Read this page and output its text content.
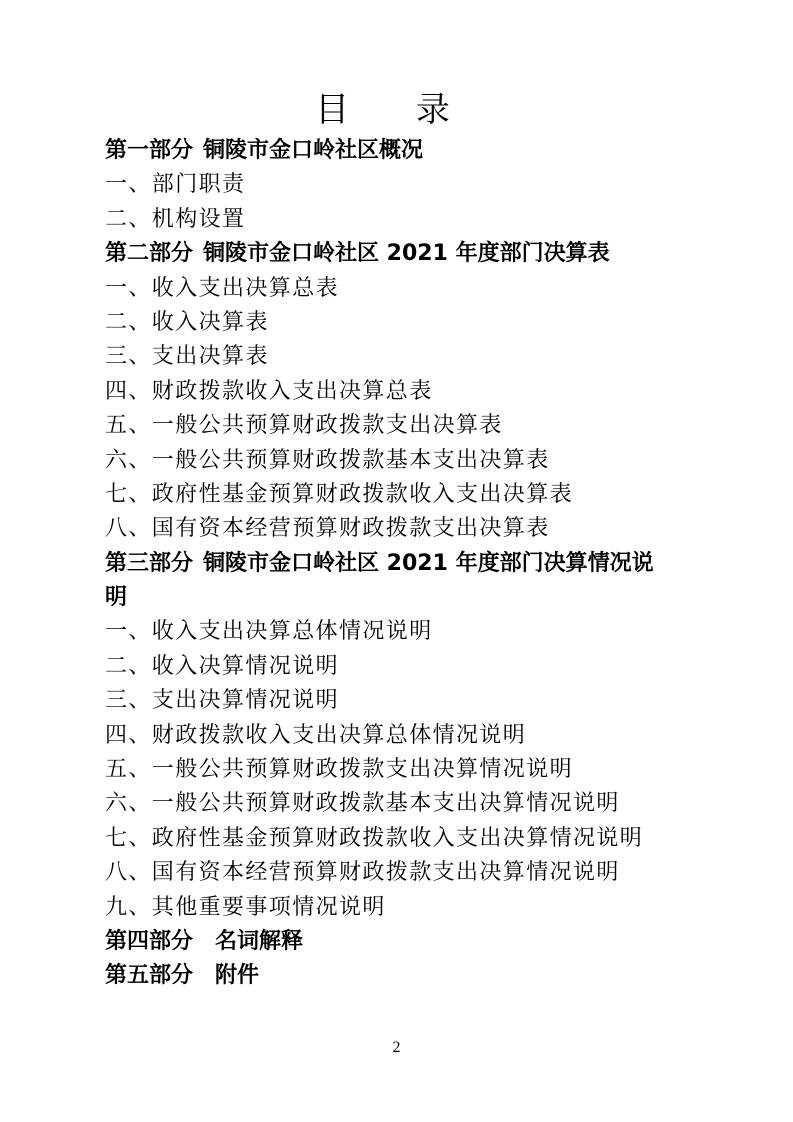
目 录
第一部分 铜陵市金口岭社区概况
一、部门职责
二、机构设置
第二部分 铜陵市金口岭社区 2021 年度部门决算表
一、收入支出决算总表
二、收入决算表
三、支出决算表
四、财政拨款收入支出决算总表
五、一般公共预算财政拨款支出决算表
六、一般公共预算财政拨款基本支出决算表
七、政府性基金预算财政拨款收入支出决算表
八、国有资本经营预算财政拨款支出决算表
第三部分 铜陵市金口岭社区 2021 年度部门决算情况说
明
一、收入支出决算总体情况说明
二、收入决算情况说明
三、支出决算情况说明
四、财政拨款收入支出决算总体情况说明
五、一般公共预算财政拨款支出决算情况说明
六、一般公共预算财政拨款基本支出决算情况说明
七、政府性基金预算财政拨款收入支出决算情况说明
八、国有资本经营预算财政拨款支出决算情况说明
九、其他重要事项情况说明
第四部分 名词解释
第五部分 附件
2
